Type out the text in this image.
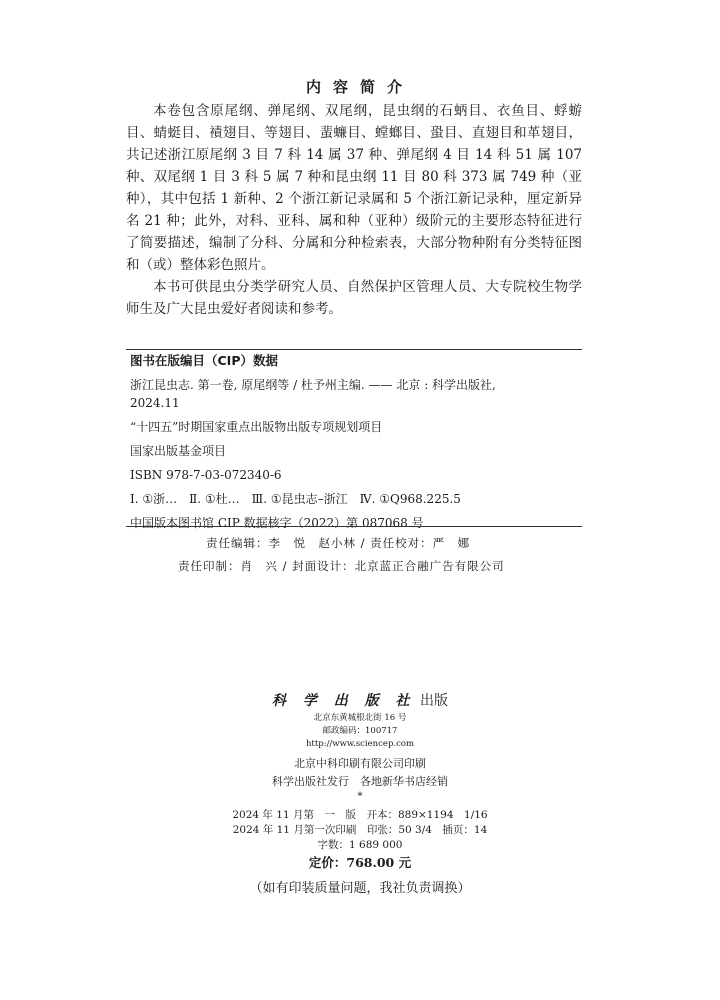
内容简介

本卷包含原尾纲、弹尾纲、双尾纲，昆虫纲的石蛃目、衣鱼目、蜉蝣目、蜻蜓目、襀翅目、等翅目、蜚蠊目、螳螂目、蛩目、直翅目和革翅目，共记述浙江原尾纲 3 目 7 科 14 属 37 种、弹尾纲 4 目 14 科 51 属 107 种、双尾纲 1 目 3 科 5 属 7 种和昆虫纲 11 目 80 科 373 属 749 种（亚种），其中包括 1 新种、2 个浙江新记录属和 5 个浙江新记录种，厘定新异名 21 种；此外，对科、亚科、属和种（亚种）级阶元的主要形态特征进行了简要描述，编制了分科、分属和分种检索表，大部分物种附有分类特征图和（或）整体彩色照片。

本书可供昆虫分类学研究人员、自然保护区管理人员、大专院校生物学师生及广大昆虫爱好者阅读和参考。

图书在版编目（CIP）数据
浙江昆虫志. 第一卷, 原尾纲等 / 杜予州主编. —— 北京 : 科学出版社,
2024.11
“十四五”时期国家重点出版物出版专项规划项目
国家出版基金项目
ISBN 978-7-03-072340-6
Ⅰ. ①浙…　Ⅱ. ①杜…　Ⅲ. ①昆虫志–浙江　Ⅳ. ①Q968.225.5
中国版本图书馆 CIP 数据核字（2022）第 087068 号
责任编辑：李　悦　赵小林 / 责任校对：严　娜
责任印制：肖　兴 / 封面设计：北京蓝正合融广告有限公司
科 学 出 版 社 出版
北京东黄城根北街 16 号
邮政编码：100717
http://www.sciencep.com
北京中科印刷有限公司印刷
科学出版社发行　各地新华书店经销
*
2024 年 11 月第　一　版　开本：889×1194　1/16
2024 年 11 月第一次印刷　印张：50 3/4　插页：14
字数：1 689 000
定价：768.00 元
（如有印装质量问题，我社负责调换）
